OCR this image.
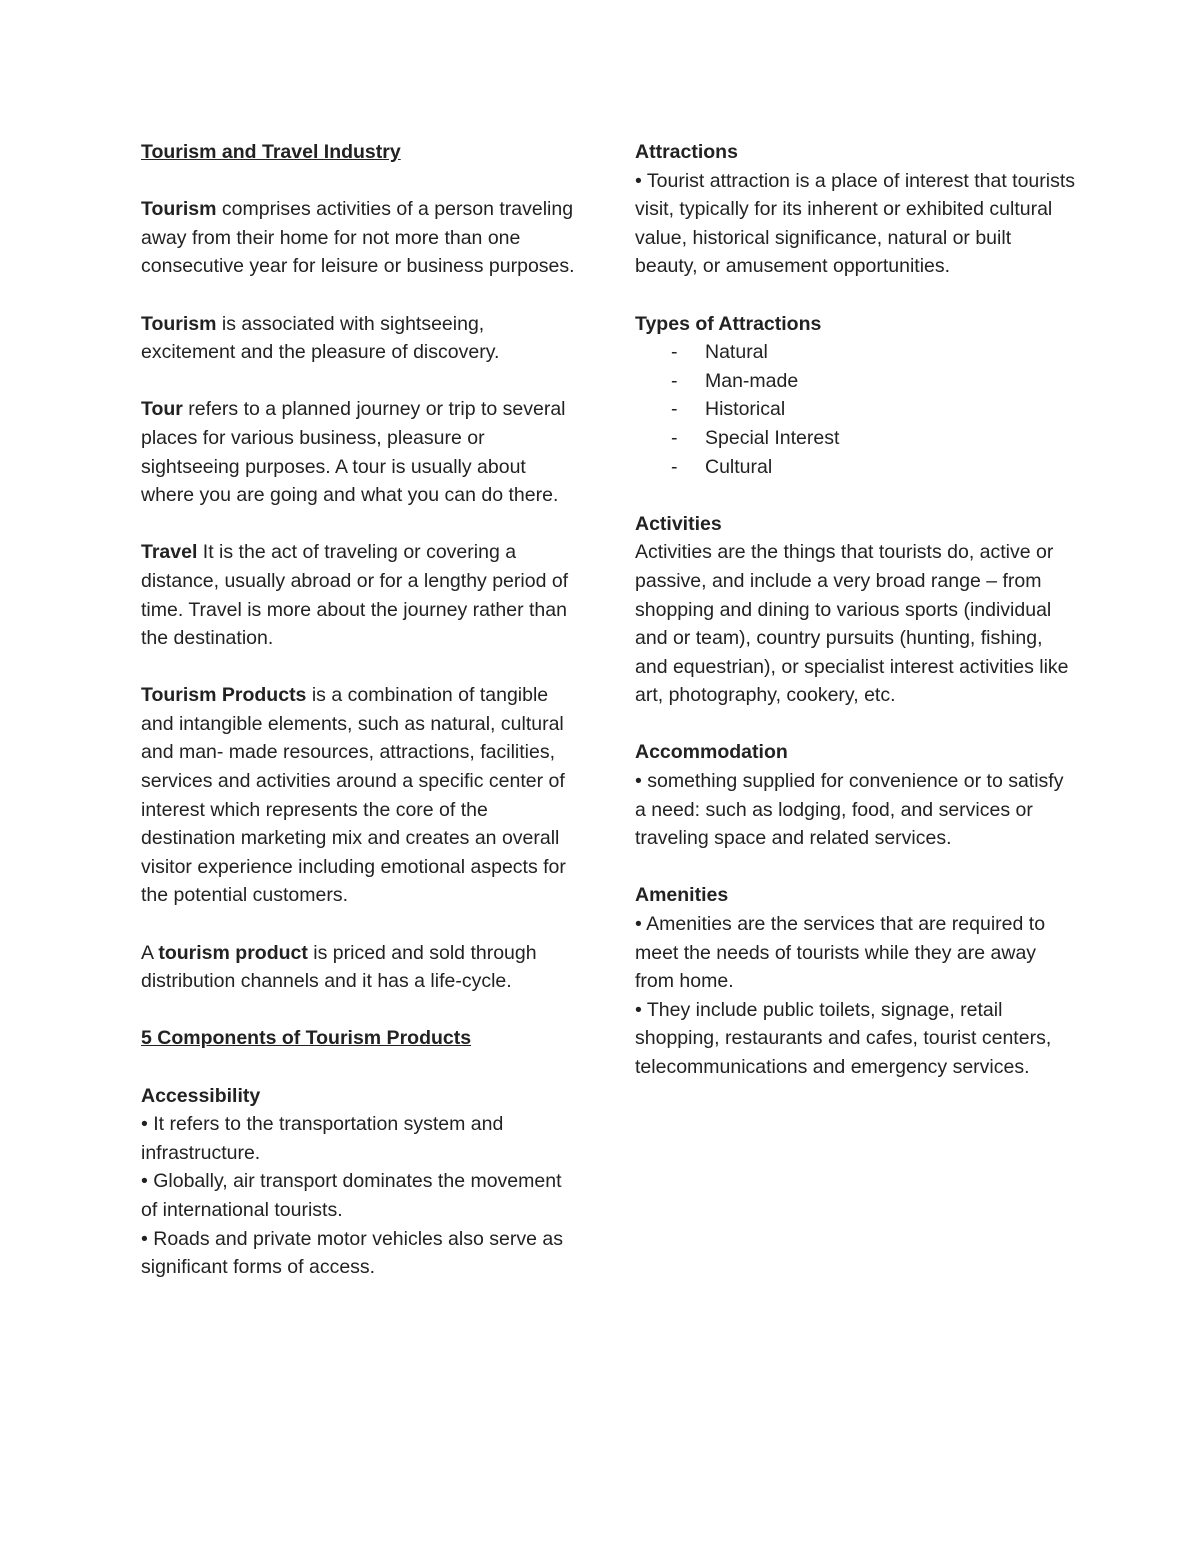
Tourism and Travel Industry

Tourism comprises activities of a person traveling away from their home for not more than one consecutive year for leisure or business purposes.

Tourism is associated with sightseeing, excitement and the pleasure of discovery.

Tour refers to a planned journey or trip to several places for various business, pleasure or sightseeing purposes. A tour is usually about where you are going and what you can do there.

Travel It is the act of traveling or covering a distance, usually abroad or for a lengthy period of time. Travel is more about the journey rather than the destination.

Tourism Products is a combination of tangible and intangible elements, such as natural, cultural and man- made resources, attractions, facilities, services and activities around a specific center of interest which represents the core of the destination marketing mix and creates an overall visitor experience including emotional aspects for the potential customers.

A tourism product is priced and sold through distribution channels and it has a life-cycle.

5 Components of Tourism Products

Accessibility

• It refers to the transportation system and infrastructure.

• Globally, air transport dominates the movement of international tourists.

• Roads and private motor vehicles also serve as significant forms of access.

Attractions

• Tourist attraction is a place of interest that tourists visit, typically for its inherent or exhibited cultural value, historical significance, natural or built beauty, or amusement opportunities.

Types of Attractions

- Natural
- Man-made
- Historical
- Special Interest
- Cultural

Activities

Activities are the things that tourists do, active or passive, and include a very broad range – from shopping and dining to various sports (individual and or team), country pursuits (hunting, fishing, and equestrian), or specialist interest activities like art, photography, cookery, etc.

Accommodation

• something supplied for convenience or to satisfy a need: such as lodging, food, and services or traveling space and related services.

Amenities

• Amenities are the services that are required to meet the needs of tourists while they are away from home.

• They include public toilets, signage, retail shopping, restaurants and cafes, tourist centers, telecommunications and emergency services.
